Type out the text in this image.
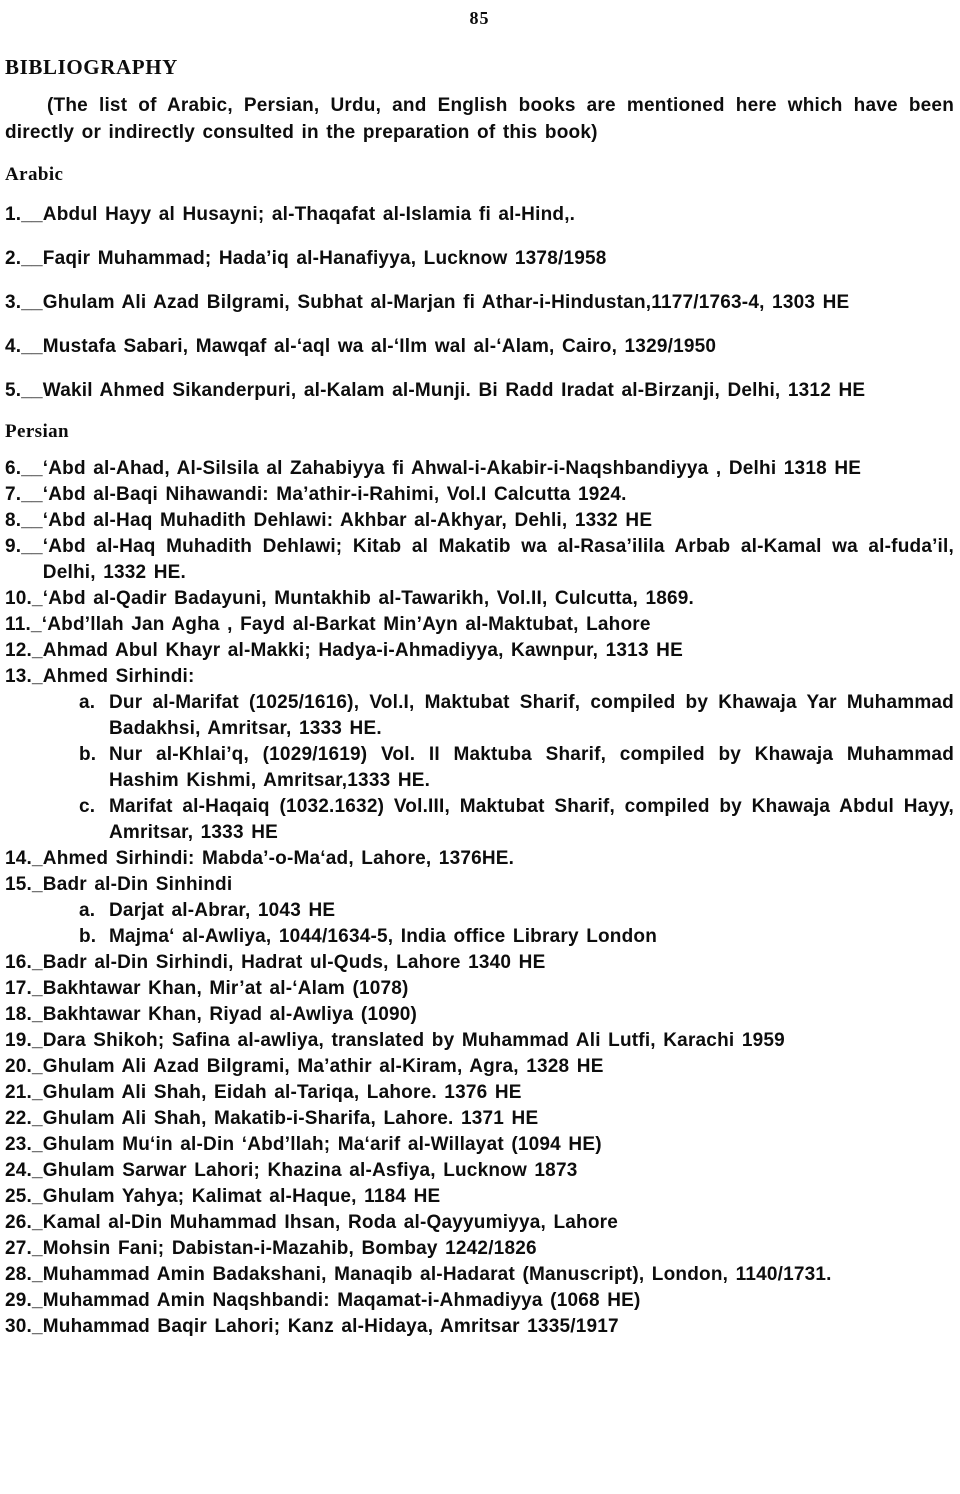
85
BIBLIOGRAPHY

(The list of Arabic, Persian, Urdu, and English books are mentioned here which have been directly or indirectly consulted in the preparation of this book)

Arabic
1.__ Abdul Hayy al Husayni; al-Thaqafat al-Islamia fi al-Hind,.
2.__ Faqir Muhammad; Hada’iq al-Hanafiyya, Lucknow 1378/1958
3.__ Ghulam Ali Azad Bilgrami, Subhat al-Marjan fi Athar-i-Hindustan,1177/1763-4, 1303 HE
4.__ Mustafa Sabari, Mawqaf al-‘aql wa al-‘Ilm wal al-‘Alam, Cairo, 1329/1950
5.__ Wakil Ahmed Sikanderpuri, al-Kalam al-Munji. Bi Radd Iradat al-Birzanji, Delhi, 1312 HE
Persian
6.__ ‘Abd al-Ahad, Al-Silsila al Zahabiyya fi Ahwal-i-Akabir-i-Naqshbandiyya , Delhi 1318 HE
7.__ ‘Abd al-Baqi Nihawandi: Ma’athir-i-Rahimi, Vol.I Calcutta 1924.
8.__ ‘Abd al-Haq Muhadith Dehlawi: Akhbar al-Akhyar, Dehli, 1332 HE
9.__ ‘Abd al-Haq Muhadith Dehlawi; Kitab al Makatib wa al-Rasa’ilila Arbab al-Kamal wa al-fuda’il, Delhi, 1332 HE.
10._ ‘Abd al-Qadir Badayuni, Muntakhib al-Tawarikh, Vol.II, Culcutta, 1869.
11._ ‘Abd’llah Jan Agha , Fayd al-Barkat Min’Ayn al-Maktubat, Lahore
12._ Ahmad Abul Khayr al-Makki; Hadya-i-Ahmadiyya, Kawnpur, 1313 HE
13._ Ahmed Sirhindi:
a. Dur al-Marifat (1025/1616), Vol.I, Maktubat Sharif, compiled by Khawaja Yar Muhammad Badakhsi, Amritsar, 1333 HE.
b. Nur al-Khlai’q, (1029/1619) Vol. II Maktuba Sharif, compiled by Khawaja Muhammad Hashim Kishmi, Amritsar,1333 HE.
c. Marifat al-Haqaiq (1032.1632) Vol.III, Maktubat Sharif, compiled by Khawaja Abdul Hayy, Amritsar, 1333 HE
14._ Ahmed Sirhindi: Mabda’-o-Ma‘ad, Lahore, 1376HE.
15._ Badr al-Din Sinhindi
a. Darjat al-Abrar, 1043 HE
b. Majma‘ al-Awliya, 1044/1634-5, India office Library London
16._ Badr al-Din Sirhindi, Hadrat ul-Quds, Lahore 1340 HE
17._ Bakhtawar Khan, Mir’at al-‘Alam (1078)
18._ Bakhtawar Khan, Riyad al-Awliya (1090)
19._ Dara Shikoh; Safina al-awliya, translated by Muhammad Ali Lutfi, Karachi 1959
20._ Ghulam Ali Azad Bilgrami, Ma’athir al-Kiram, Agra, 1328 HE
21._ Ghulam Ali Shah, Eidah al-Tariqa, Lahore. 1376 HE
22._ Ghulam Ali Shah, Makatib-i-Sharifa, Lahore. 1371 HE
23._ Ghulam Mu‘in al-Din ‘Abd’llah; Ma‘arif al-Willayat (1094 HE)
24._ Ghulam Sarwar Lahori; Khazina al-Asfiya, Lucknow 1873
25._ Ghulam Yahya; Kalimat al-Haque, 1184 HE
26._ Kamal al-Din Muhammad Ihsan, Roda al-Qayyumiyya, Lahore
27._ Mohsin Fani; Dabistan-i-Mazahib, Bombay 1242/1826
28._ Muhammad Amin Badakshani, Manaqib al-Hadarat (Manuscript), London, 1140/1731.
29._ Muhammad Amin Naqshbandi: Maqamat-i-Ahmadiyya (1068 HE)
30._ Muhammad Baqir Lahori; Kanz al-Hidaya, Amritsar 1335/1917
